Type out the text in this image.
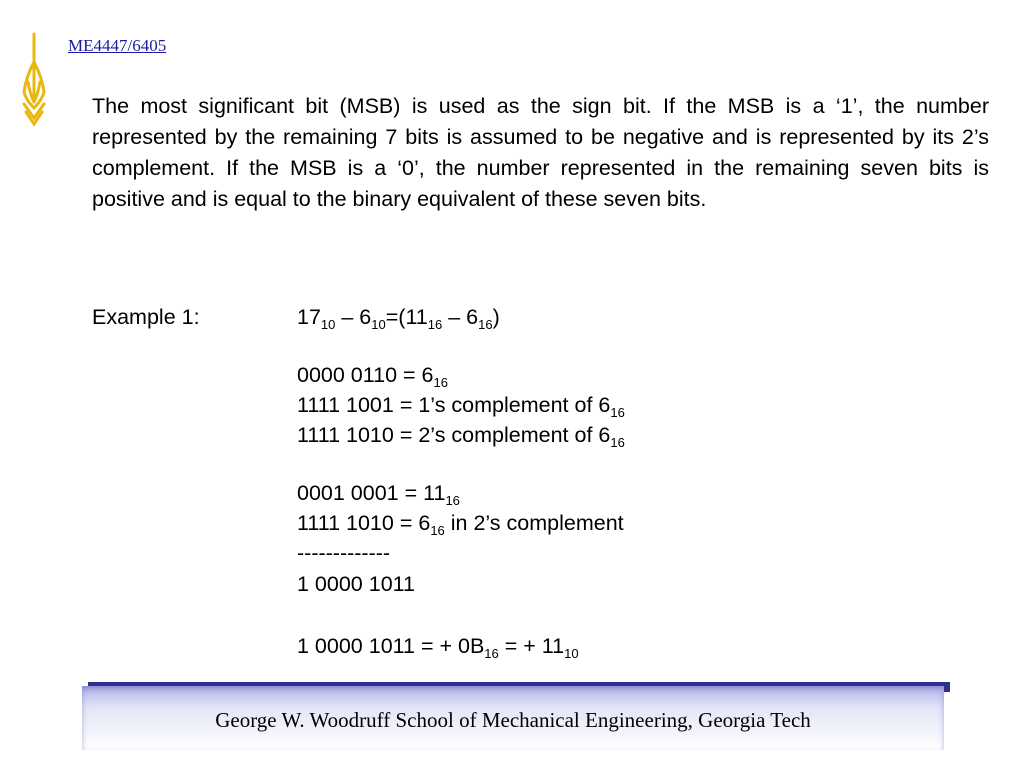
ME4447/6405

The most significant bit (MSB) is used as the sign bit. If the MSB is a ‘1’, the number represented by the remaining 7 bits is assumed to be negative and is represented by its 2’s complement. If the MSB is a ‘0’, the number represented in the remaining seven bits is positive and is equal to the binary equivalent of these seven bits.

Example 1:	$17_{10} - 6_{10}=(11_{16} - 6_{16})$
0000 $0110 = 6_{16}$
1111 1001 = 1’s complement of $6_{16}$
1111 1010 = 2’s complement of $6_{16}$
0001 $0001 = 11_{16}$
1111 $1010 = 6_{16}$ in 2’s complement
-------------
1 0000 1011
1 0000 1011 = + $0B_{16}$ = + $11_{10}$
George W. Woodruff School of Mechanical Engineering, Georgia Tech
